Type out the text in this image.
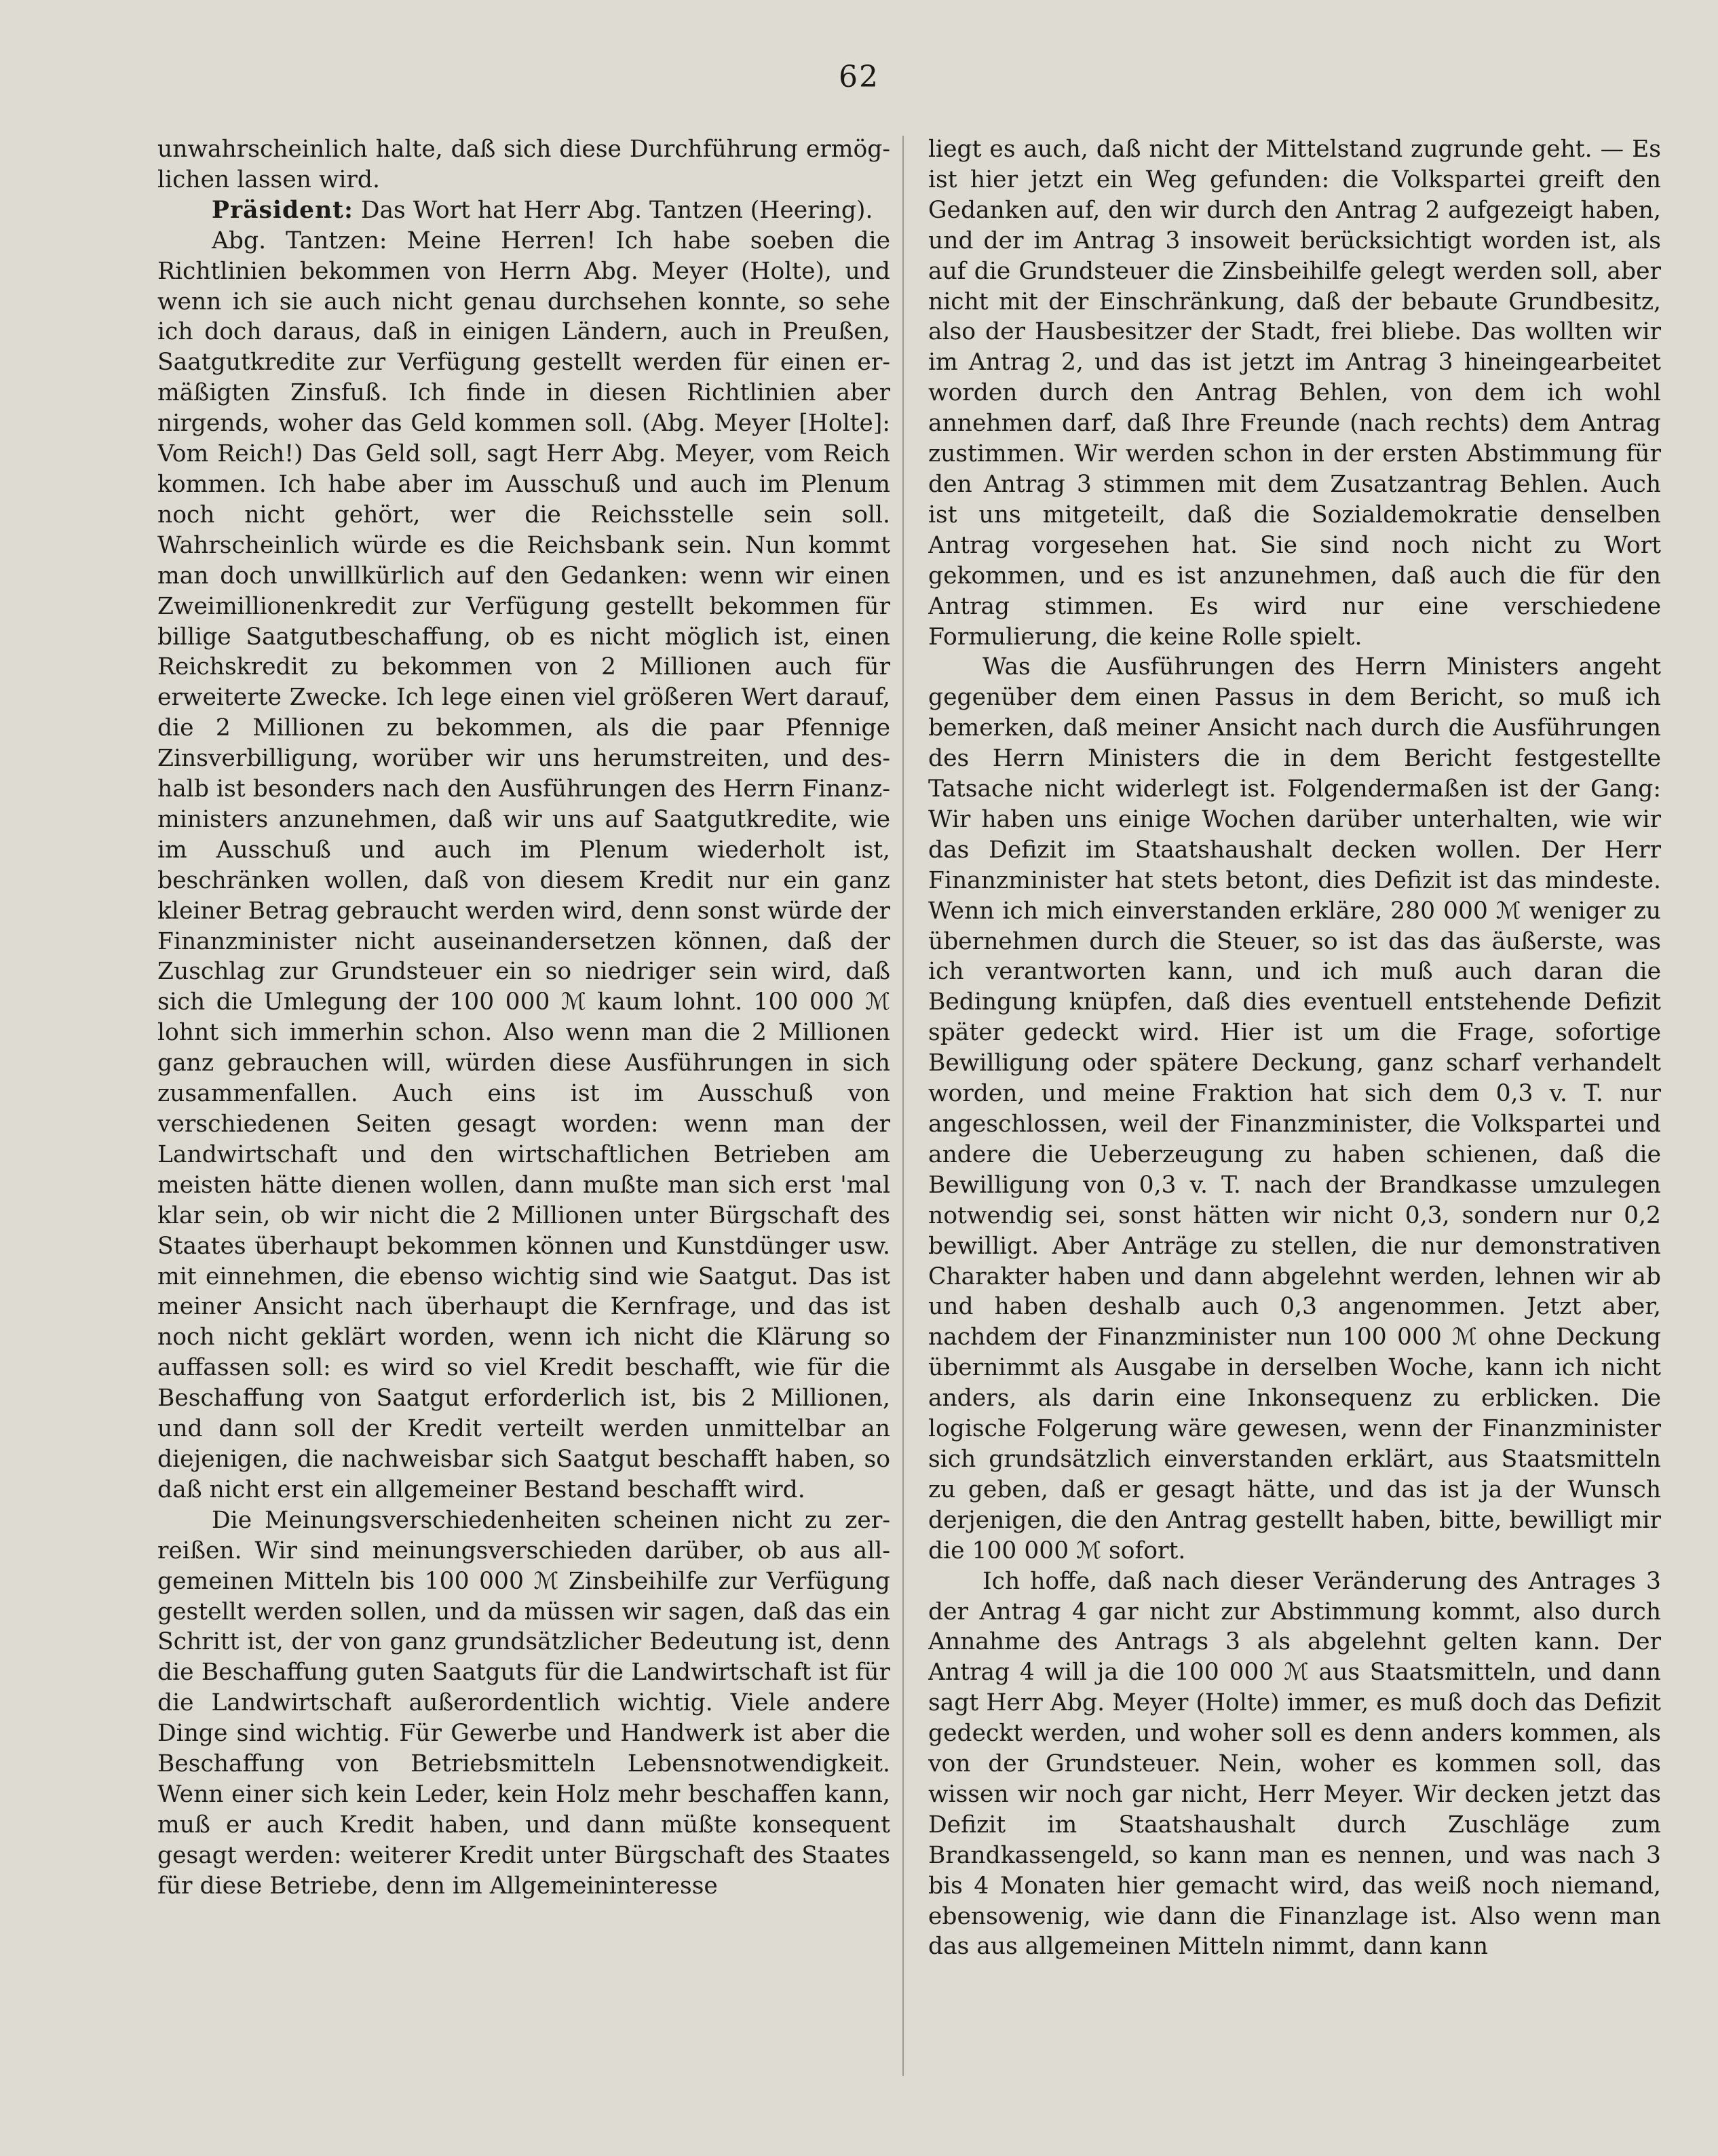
62

unwahrscheinlich halte, daß sich diese Durchführung ermöglichen lassen wird.

Präsident: Das Wort hat Herr Abg. Tantzen (Heering).

Abg. Tantzen: Meine Herren! Ich habe soeben die Richtlinien bekommen von Herrn Abg. Meyer (Holte), und wenn ich sie auch nicht genau durchsehen konnte, so sehe ich doch daraus, daß in einigen Ländern, auch in Preußen, Saatgutkredite zur Verfügung gestellt werden für einen ermäßigten Zinsfuß. Ich finde in diesen Richtlinien aber nirgends, woher das Geld kommen soll. (Abg. Meyer [Holte]: Vom Reich!) Das Geld soll, sagt Herr Abg. Meyer, vom Reich kommen. Ich habe aber im Ausschuß und auch im Plenum noch nicht gehört, wer die Reichsstelle sein soll. Wahrscheinlich würde es die Reichsbank sein. Nun kommt man doch unwillkürlich auf den Gedanken: wenn wir einen Zweimillionenkredit zur Verfügung gestellt bekommen für billige Saatgutbeschaffung, ob es nicht möglich ist, einen Reichskredit zu bekommen von 2 Millionen auch für erweiterte Zwecke. Ich lege einen viel größeren Wert darauf, die 2 Millionen zu bekommen, als die paar Pfennige Zinsverbilligung, worüber wir uns herumstreiten, und deshalb ist besonders nach den Ausführungen des Herrn Finanzministers anzunehmen, daß wir uns auf Saatgutkredite, wie im Ausschuß und auch im Plenum wiederholt ist, beschränken wollen, daß von diesem Kredit nur ein ganz kleiner Betrag gebraucht werden wird, denn sonst würde der Finanzminister nicht auseinandersetzen können, daß der Zuschlag zur Grundsteuer ein so niedriger sein wird, daß sich die Umlegung der 100 000 ℳ kaum lohnt. 100 000 ℳ lohnt sich immerhin schon. Also wenn man die 2 Millionen ganz gebrauchen will, würden diese Ausführungen in sich zusammenfallen. Auch eins ist im Ausschuß von verschiedenen Seiten gesagt worden: wenn man der Landwirtschaft und den wirtschaftlichen Betrieben am meisten hätte dienen wollen, dann mußte man sich erst 'mal klar sein, ob wir nicht die 2 Millionen unter Bürgschaft des Staates überhaupt bekommen können und Kunstdünger usw. mit einnehmen, die ebenso wichtig sind wie Saatgut. Das ist meiner Ansicht nach überhaupt die Kernfrage, und das ist noch nicht geklärt worden, wenn ich nicht die Klärung so auffassen soll: es wird so viel Kredit beschafft, wie für die Beschaffung von Saatgut erforderlich ist, bis 2 Millionen, und dann soll der Kredit verteilt werden unmittelbar an diejenigen, die nachweisbar sich Saatgut beschafft haben, so daß nicht erst ein allgemeiner Bestand beschafft wird.

Die Meinungsverschiedenheiten scheinen nicht zu zerreißen. Wir sind meinungsverschieden darüber, ob aus allgemeinen Mitteln bis 100 000 ℳ Zinsbeihilfe zur Verfügung gestellt werden sollen, und da müssen wir sagen, daß das ein Schritt ist, der von ganz grundsätzlicher Bedeutung ist, denn die Beschaffung guten Saatguts für die Landwirtschaft ist für die Landwirtschaft außerordentlich wichtig. Viele andere Dinge sind wichtig. Für Gewerbe und Handwerk ist aber die Beschaffung von Betriebsmitteln Lebensnotwendigkeit. Wenn einer sich kein Leder, kein Holz mehr beschaffen kann, muß er auch Kredit haben, und dann müßte konsequent gesagt werden: weiterer Kredit unter Bürgschaft des Staates für diese Betriebe, denn im Allgemeininteresse

liegt es auch, daß nicht der Mittelstand zugrunde geht. — Es ist hier jetzt ein Weg gefunden: die Volkspartei greift den Gedanken auf, den wir durch den Antrag 2 aufgezeigt haben, und der im Antrag 3 insoweit berücksichtigt worden ist, als auf die Grundsteuer die Zinsbeihilfe gelegt werden soll, aber nicht mit der Einschränkung, daß der bebaute Grundbesitz, also der Hausbesitzer der Stadt, frei bliebe. Das wollten wir im Antrag 2, und das ist jetzt im Antrag 3 hineingearbeitet worden durch den Antrag Behlen, von dem ich wohl annehmen darf, daß Ihre Freunde (nach rechts) dem Antrag zustimmen. Wir werden schon in der ersten Abstimmung für den Antrag 3 stimmen mit dem Zusatzantrag Behlen. Auch ist uns mitgeteilt, daß die Sozialdemokratie denselben Antrag vorgesehen hat. Sie sind noch nicht zu Wort gekommen, und es ist anzunehmen, daß auch die für den Antrag stimmen. Es wird nur eine verschiedene Formulierung, die keine Rolle spielt.

Was die Ausführungen des Herrn Ministers angeht gegenüber dem einen Passus in dem Bericht, so muß ich bemerken, daß meiner Ansicht nach durch die Ausführungen des Herrn Ministers die in dem Bericht festgestellte Tatsache nicht widerlegt ist. Folgendermaßen ist der Gang: Wir haben uns einige Wochen darüber unterhalten, wie wir das Defizit im Staatshaushalt decken wollen. Der Herr Finanzminister hat stets betont, dies Defizit ist das mindeste. Wenn ich mich einverstanden erkläre, 280 000 ℳ weniger zu übernehmen durch die Steuer, so ist das das äußerste, was ich verantworten kann, und ich muß auch daran die Bedingung knüpfen, daß dies eventuell entstehende Defizit später gedeckt wird. Hier ist um die Frage, sofortige Bewilligung oder spätere Deckung, ganz scharf verhandelt worden, und meine Fraktion hat sich dem 0,3 v. T. nur angeschlossen, weil der Finanzminister, die Volkspartei und andere die Ueberzeugung zu haben schienen, daß die Bewilligung von 0,3 v. T. nach der Brandkasse umzulegen notwendig sei, sonst hätten wir nicht 0,3, sondern nur 0,2 bewilligt. Aber Anträge zu stellen, die nur demonstrativen Charakter haben und dann abgelehnt werden, lehnen wir ab und haben deshalb auch 0,3 angenommen. Jetzt aber, nachdem der Finanzminister nun 100 000 ℳ ohne Deckung übernimmt als Ausgabe in derselben Woche, kann ich nicht anders, als darin eine Inkonsequenz zu erblicken. Die logische Folgerung wäre gewesen, wenn der Finanzminister sich grundsätzlich einverstanden erklärt, aus Staatsmitteln zu geben, daß er gesagt hätte, und das ist ja der Wunsch derjenigen, die den Antrag gestellt haben, bitte, bewilligt mir die 100 000 ℳ sofort.

Ich hoffe, daß nach dieser Veränderung des Antrages 3 der Antrag 4 gar nicht zur Abstimmung kommt, also durch Annahme des Antrags 3 als abgelehnt gelten kann. Der Antrag 4 will ja die 100 000 ℳ aus Staatsmitteln, und dann sagt Herr Abg. Meyer (Holte) immer, es muß doch das Defizit gedeckt werden, und woher soll es denn anders kommen, als von der Grundsteuer. Nein, woher es kommen soll, das wissen wir noch gar nicht, Herr Meyer. Wir decken jetzt das Defizit im Staatshaushalt durch Zuschläge zum Brandkassengeld, so kann man es nennen, und was nach 3 bis 4 Monaten hier gemacht wird, das weiß noch niemand, ebensowenig, wie dann die Finanzlage ist. Also wenn man das aus allgemeinen Mitteln nimmt, dann kann
